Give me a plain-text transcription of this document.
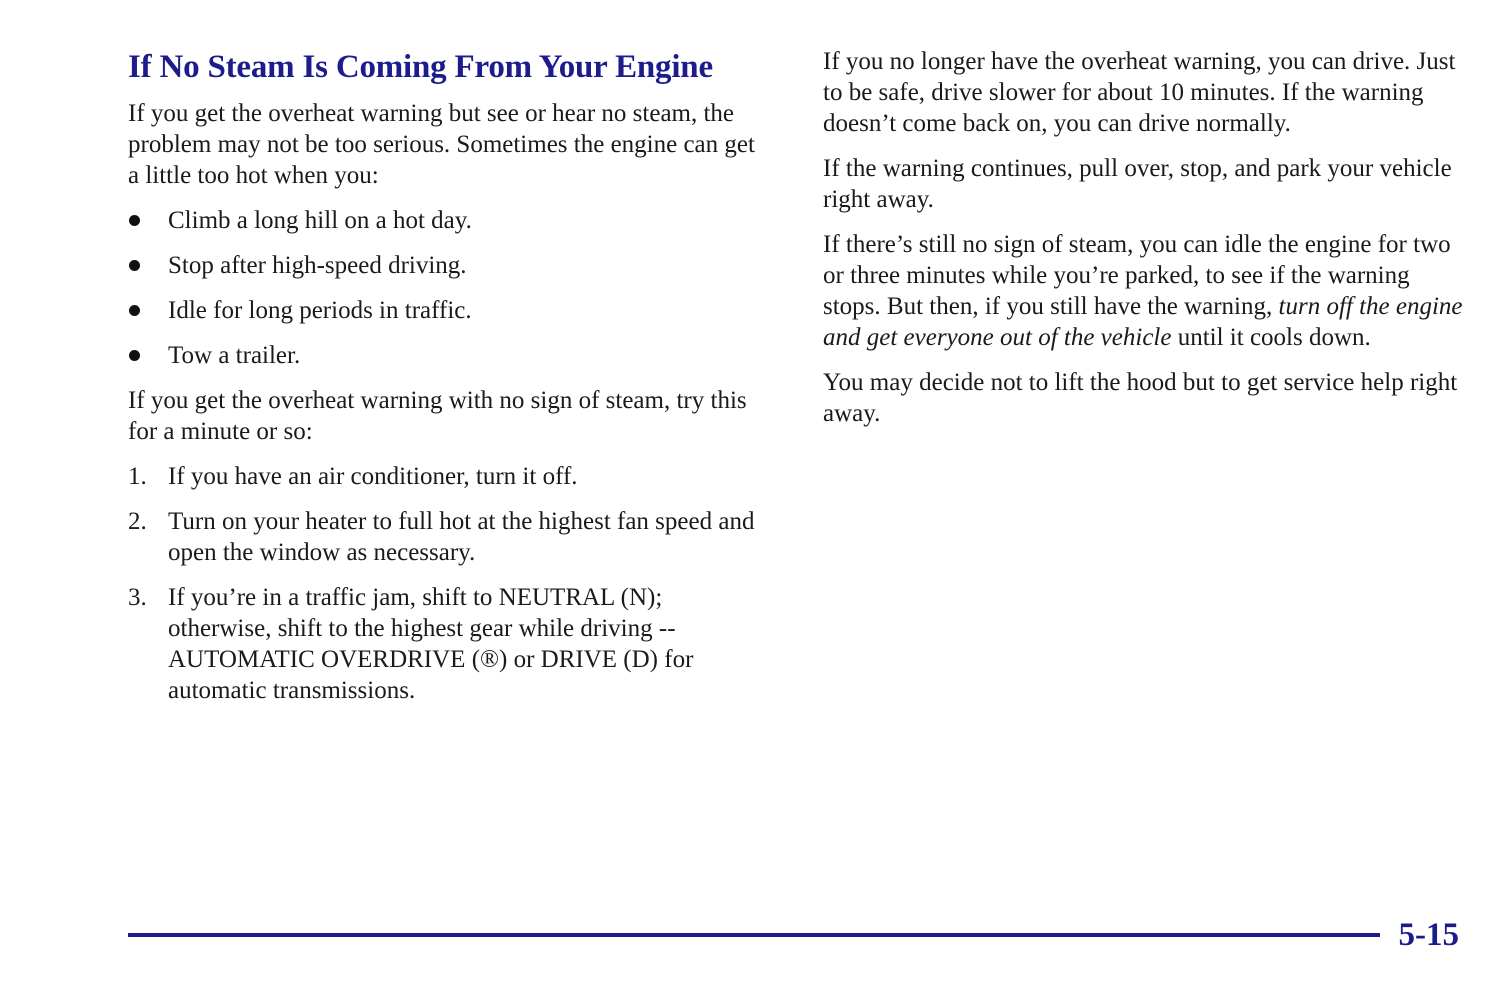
If No Steam Is Coming From Your Engine

If you get the overheat warning but see or hear no steam, the problem may not be too serious. Sometimes the engine can get a little too hot when you:

Climb a long hill on a hot day.
Stop after high-speed driving.
Idle for long periods in traffic.
Tow a trailer.

If you get the overheat warning with no sign of steam, try this for a minute or so:

1. If you have an air conditioner, turn it off.
2. Turn on your heater to full hot at the highest fan speed and open the window as necessary.
3. If you’re in a traffic jam, shift to NEUTRAL (N); otherwise, shift to the highest gear while driving -- AUTOMATIC OVERDRIVE (®) or DRIVE (D) for automatic transmissions.

If you no longer have the overheat warning, you can drive. Just to be safe, drive slower for about 10 minutes. If the warning doesn’t come back on, you can drive normally.

If the warning continues, pull over, stop, and park your vehicle right away.

If there’s still no sign of steam, you can idle the engine for two or three minutes while you’re parked, to see if the warning stops. But then, if you still have the warning, turn off the engine and get everyone out of the vehicle until it cools down.

You may decide not to lift the hood but to get service help right away.

5-15
